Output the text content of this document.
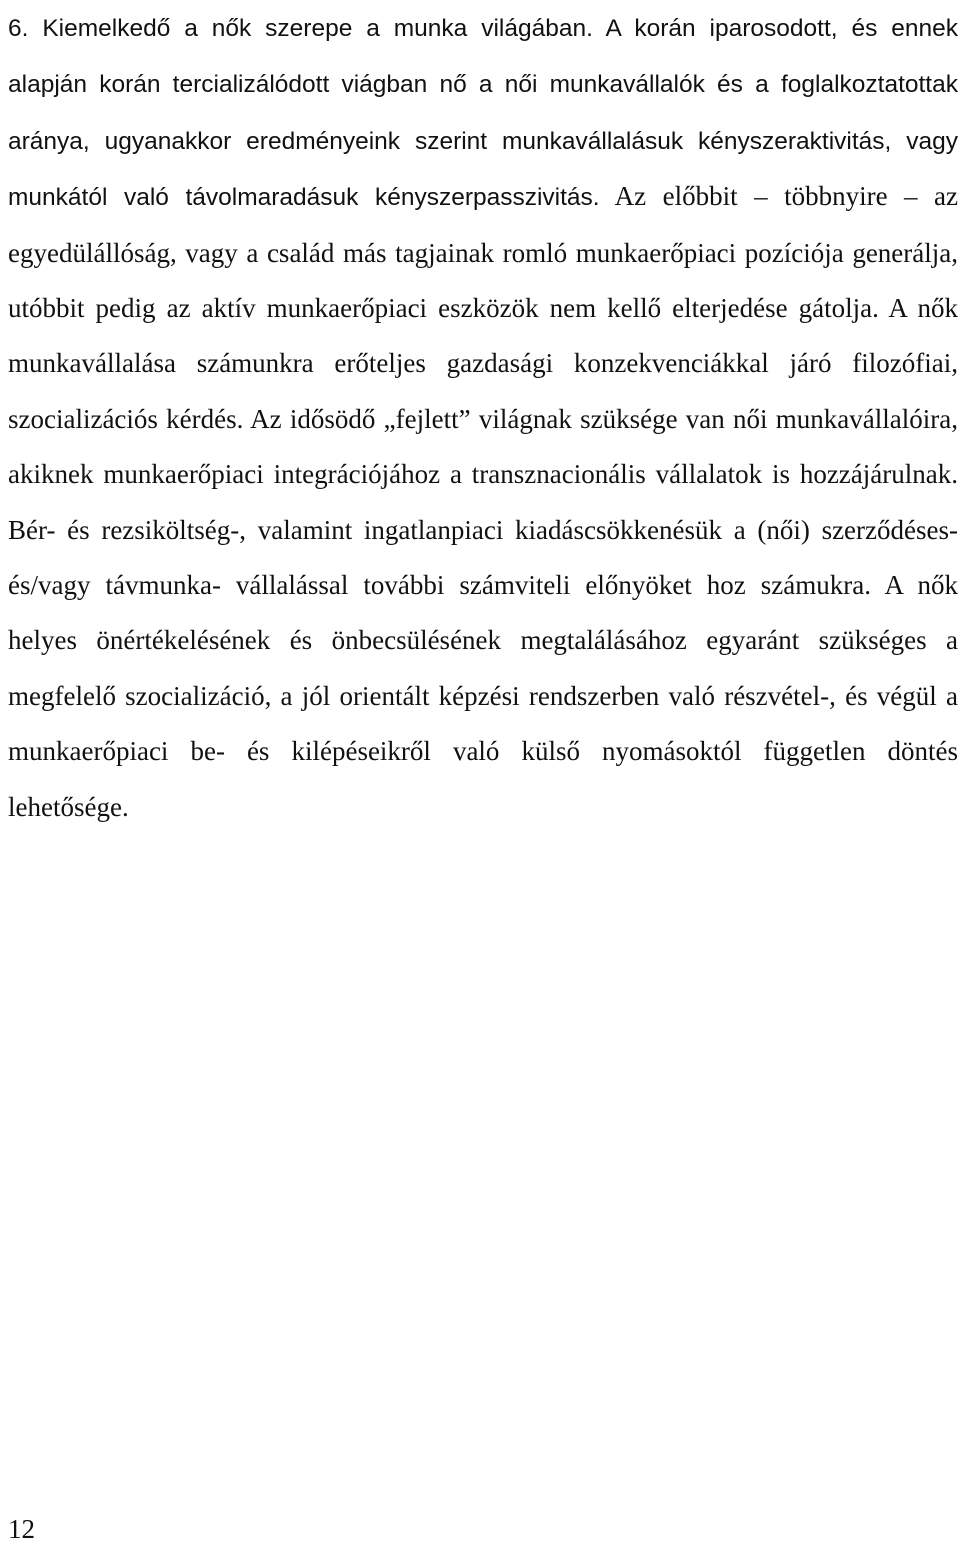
6. Kiemelkedő a nők szerepe a munka világában. A korán iparosodott, és ennek alapján korán tercializálódott viágban nő a női munkavállalók és a foglalkoztatottak aránya, ugyanakkor eredményeink szerint munkavállalásuk kényszeraktivitás, vagy munkától való távolmaradásuk kényszerpasszivitás. Az előbbit – többnyire – az egyedülállóság, vagy a család más tagjainak romló munkaerőpiaci pozíciója generálja, utóbbit pedig az aktív munkaerőpiaci eszközök nem kellő elterjedése gátolja. A nők munkavállalása számunkra erőteljes gazdasági konzekvenciákkal járó filozófiai, szocializációs kérdés. Az idősödő „fejlett” világnak szüksége van női munkavállalóira, akiknek munkaerőpiaci integrációjához a transznacionális vállalatok is hozzájárulnak. Bér- és rezsiköltség-, valamint ingatlanpiaci kiadáscsökkenésük a (női) szerződéses- és/vagy távmunka- vállalással további számviteli előnyöket hoz számukra. A nők helyes önértékelésének és önbecsülésének megtalálásához egyaránt szükséges a megfelelő szocializáció, a jól orientált képzési rendszerben való részvétel-, és végül a munkaerőpiaci be- és kilépéseikről való külső nyomásoktól független döntés lehetősége.

12
